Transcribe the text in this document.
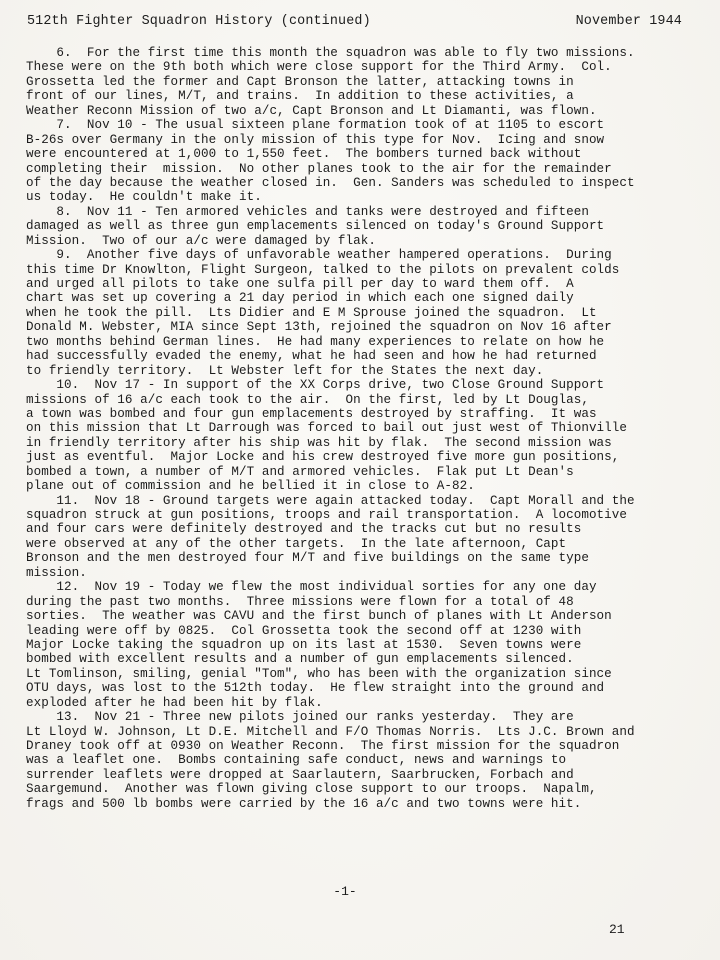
512th Fighter Squadron History (continued)	November 1944
6.  For the first time this month the squadron was able to fly two missions.
These were on the 9th both which were close support for the Third Army.  Col.
Grossetta led the former and Capt Bronson the latter, attacking towns in
front of our lines, M/T, and trains.  In addition to these activities, a
Weather Reconn Mission of two a/c, Capt Bronson and Lt Diamanti, was flown.
7.  Nov 10 - The usual sixteen plane formation took of at 1105 to escort
B-26s over Germany in the only mission of this type for Nov.  Icing and snow
were encountered at 1,000 to 1,550 feet.  The bombers turned back without
completing their  mission.  No other planes took to the air for the remainder
of the day because the weather closed in.  Gen. Sanders was scheduled to inspect
us today.  He couldn't make it.
8.  Nov 11 - Ten armored vehicles and tanks were destroyed and fifteen
damaged as well as three gun emplacements silenced on today's Ground Support
Mission.  Two of our a/c were damaged by flak.
9.  Another five days of unfavorable weather hampered operations.  During
this time Dr Knowlton, Flight Surgeon, talked to the pilots on prevalent colds
and urged all pilots to take one sulfa pill per day to ward them off.  A
chart was set up covering a 21 day period in which each one signed daily
when he took the pill.  Lts Didier and E M Sprouse joined the squadron.  Lt
Donald M. Webster, MIA since Sept 13th, rejoined the squadron on Nov 16 after
two months behind German lines.  He had many experiences to relate on how he
had successfully evaded the enemy, what he had seen and how he had returned
to friendly territory.  Lt Webster left for the States the next day.
10.  Nov 17 - In support of the XX Corps drive, two Close Ground Support
missions of 16 a/c each took to the air.  On the first, led by Lt Douglas,
a town was bombed and four gun emplacements destroyed by straffing.  It was
on this mission that Lt Darrough was forced to bail out just west of Thionville
in friendly territory after his ship was hit by flak.  The second mission was
just as eventful.  Major Locke and his crew destroyed five more gun positions,
bombed a town, a number of M/T and armored vehicles.  Flak put Lt Dean's
plane out of commission and he bellied it in close to A-82.
11.  Nov 18 - Ground targets were again attacked today.  Capt Morall and the
squadron struck at gun positions, troops and rail transportation.  A locomotive
and four cars were definitely destroyed and the tracks cut but no results
were observed at any of the other targets.  In the late afternoon, Capt
Bronson and the men destroyed four M/T and five buildings on the same type
mission.
12.  Nov 19 - Today we flew the most individual sorties for any one day
during the past two months.  Three missions were flown for a total of 48
sorties.  The weather was CAVU and the first bunch of planes with Lt Anderson
leading were off by 0825.  Col Grossetta took the second off at 1230 with
Major Locke taking the squadron up on its last at 1530.  Seven towns were
bombed with excellent results and a number of gun emplacements silenced.
Lt Tomlinson, smiling, genial "Tom", who has been with the organization since
OTU days, was lost to the 512th today.  He flew straight into the ground and
exploded after he had been hit by flak.
13.  Nov 21 - Three new pilots joined our ranks yesterday.  They are
Lt Lloyd W. Johnson, Lt D.E. Mitchell and F/O Thomas Norris.  Lts J.C. Brown and
Draney took off at 0930 on Weather Reconn.  The first mission for the squadron
was a leaflet one.  Bombs containing safe conduct, news and warnings to
surrender leaflets were dropped at Saarlautern, Saarbrucken, Forbach and
Saargemund.  Another was flown giving close support to our troops.  Napalm,
frags and 500 lb bombs were carried by the 16 a/c and two towns were hit.
-1-
21
